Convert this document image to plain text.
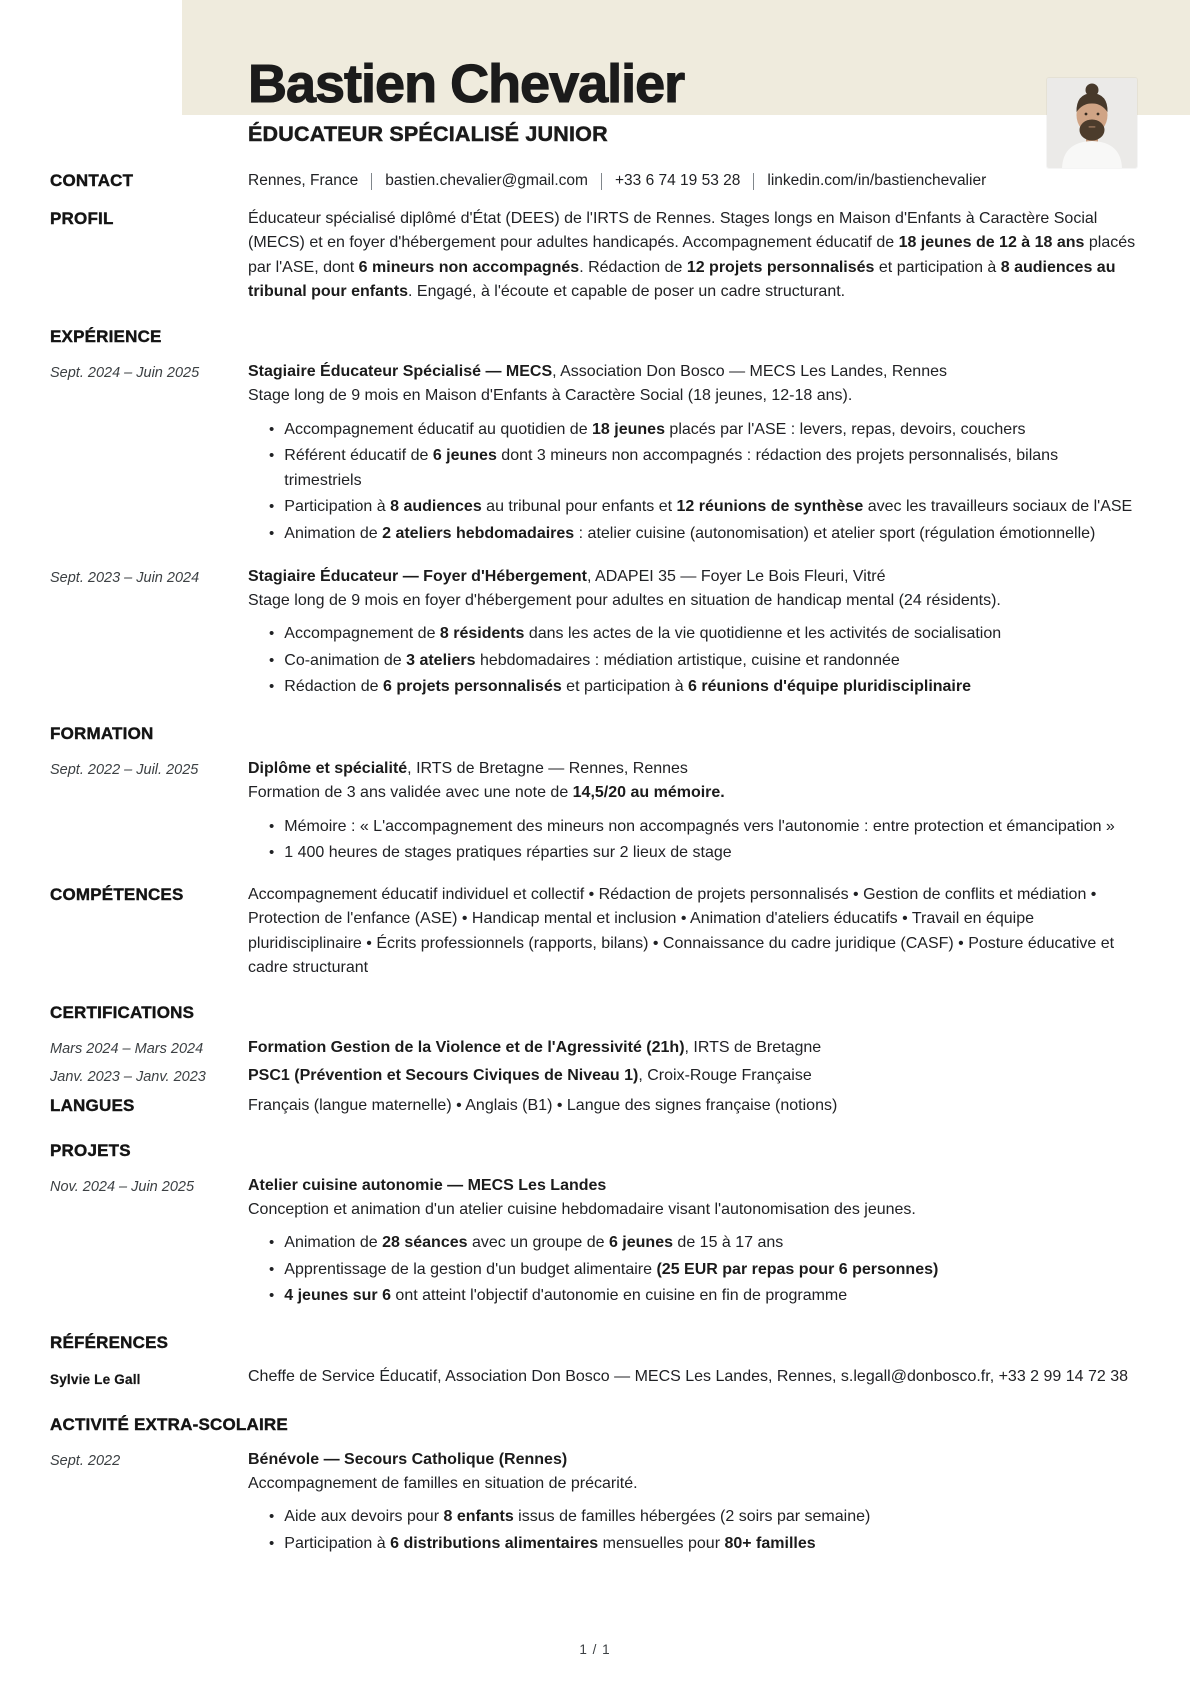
Bastien Chevalier
ÉDUCATEUR SPÉCIALISÉ JUNIOR
CONTACT	Rennes, France bastien.chevalier@gmail.com +33 6 74 19 53 28 linkedin.com/in/bastienchevalier
PROFIL	Éducateur spécialisé diplômé d'État (DEES) de l'IRTS de Rennes. Stages longs en Maison d'Enfants à Caractère Social (MECS) et en foyer d'hébergement pour adultes handicapés. Accompagnement éducatif de 18 jeunes de 12 à 18 ans placés par l'ASE, dont 6 mineurs non accompagnés. Rédaction de 12 projets personnalisés et participation à 8 audiences au tribunal pour enfants. Engagé, à l'écoute et capable de poser un cadre structurant.
EXPÉRIENCE
Sept. 2024 – Juin 2025	Stagiaire Éducateur Spécialisé — MECS, Association Don Bosco — MECS Les Landes, Rennes
Stage long de 9 mois en Maison d'Enfants à Caractère Social (18 jeunes, 12-18 ans).
• Accompagnement éducatif au quotidien de 18 jeunes placés par l'ASE : levers, repas, devoirs, couchers
• Référent éducatif de 6 jeunes dont 3 mineurs non accompagnés : rédaction des projets personnalisés, bilans trimestriels
• Participation à 8 audiences au tribunal pour enfants et 12 réunions de synthèse avec les travailleurs sociaux de l'ASE
• Animation de 2 ateliers hebdomadaires : atelier cuisine (autonomisation) et atelier sport (régulation émotionnelle)
Sept. 2023 – Juin 2024	Stagiaire Éducateur — Foyer d'Hébergement, ADAPEI 35 — Foyer Le Bois Fleuri, Vitré
Stage long de 9 mois en foyer d'hébergement pour adultes en situation de handicap mental (24 résidents).
• Accompagnement de 8 résidents dans les actes de la vie quotidienne et les activités de socialisation
• Co-animation de 3 ateliers hebdomadaires : médiation artistique, cuisine et randonnée
• Rédaction de 6 projets personnalisés et participation à 6 réunions d'équipe pluridisciplinaire
FORMATION
Sept. 2022 – Juil. 2025	Diplôme et spécialité, IRTS de Bretagne — Rennes, Rennes
Formation de 3 ans validée avec une note de 14,5/20 au mémoire.
• Mémoire : « L'accompagnement des mineurs non accompagnés vers l'autonomie : entre protection et émancipation »
• 1 400 heures de stages pratiques réparties sur 2 lieux de stage
COMPÉTENCES	Accompagnement éducatif individuel et collectif • Rédaction de projets personnalisés • Gestion de conflits et médiation • Protection de l'enfance (ASE) • Handicap mental et inclusion • Animation d'ateliers éducatifs • Travail en équipe pluridisciplinaire • Écrits professionnels (rapports, bilans) • Connaissance du cadre juridique (CASF) • Posture éducative et cadre structurant
CERTIFICATIONS
Mars 2024 – Mars 2024	Formation Gestion de la Violence et de l'Agressivité (21h), IRTS de Bretagne
Janv. 2023 – Janv. 2023	PSC1 (Prévention et Secours Civiques de Niveau 1), Croix-Rouge Française
LANGUES	Français (langue maternelle) • Anglais (B1) • Langue des signes française (notions)
PROJETS
Nov. 2024 – Juin 2025	Atelier cuisine autonomie — MECS Les Landes
Conception et animation d'un atelier cuisine hebdomadaire visant l'autonomisation des jeunes.
• Animation de 28 séances avec un groupe de 6 jeunes de 15 à 17 ans
• Apprentissage de la gestion d'un budget alimentaire (25 EUR par repas pour 6 personnes)
• 4 jeunes sur 6 ont atteint l'objectif d'autonomie en cuisine en fin de programme
RÉFÉRENCES
Sylvie Le Gall	Cheffe de Service Éducatif, Association Don Bosco — MECS Les Landes, Rennes, s.legall@donbosco.fr, +33 2 99 14 72 38
ACTIVITÉ EXTRA-SCOLAIRE
Sept. 2022	Bénévole — Secours Catholique (Rennes)
Accompagnement de familles en situation de précarité.
• Aide aux devoirs pour 8 enfants issus de familles hébergées (2 soirs par semaine)
• Participation à 6 distributions alimentaires mensuelles pour 80+ familles
1 / 1
